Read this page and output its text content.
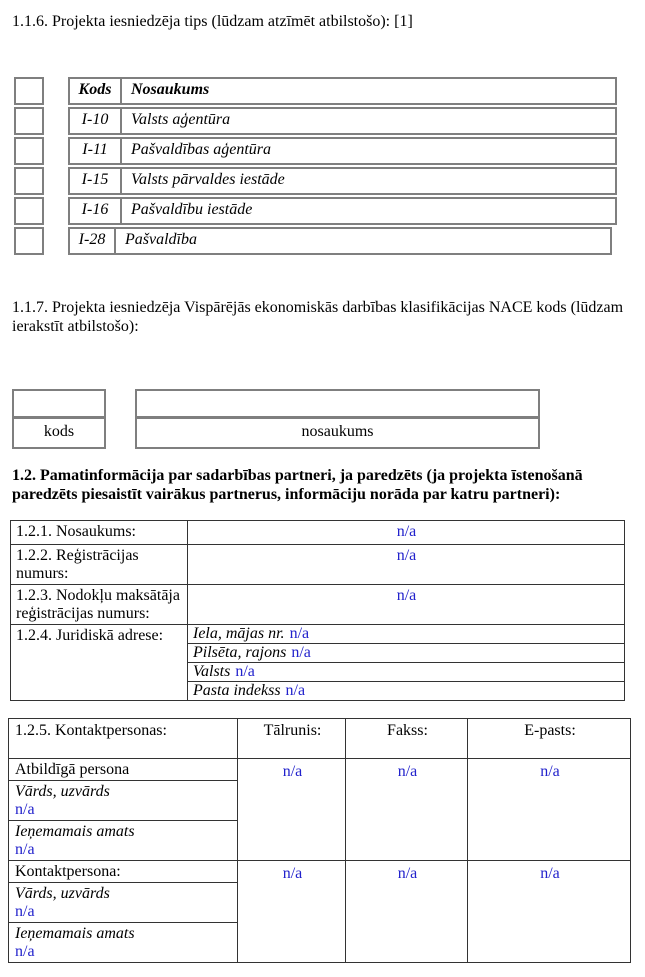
1.1.6. Projekta iesniedzēja tips (lūdzam atzīmēt atbilstošo): [1]

Kods	Nosaukums
I-10	Valsts aģentūra
I-11	Pašvaldības aģentūra
I-15	Valsts pārvaldes iestāde
I-16	Pašvaldību iestāde
I-28	Pašvaldība

1.1.7. Projekta iesniedzēja Vispārējās ekonomiskās darbības klasifikācijas NACE kods (lūdzam ierakstīt atbilstošo):

kods	nosaukums

1.2. Pamatinformācija par sadarbības partneri, ja paredzēts (ja projekta īstenošanā paredzēts piesaistīt vairākus partnerus, informāciju norāda par katru partneri):

1.2.1. Nosaukums:	n/a
1.2.2. Reģistrācijas numurs:	n/a
1.2.3. Nodokļu maksātāja reģistrācijas numurs:	n/a
1.2.4. Juridiskā adrese:	Iela, mājas nr. n/a
	Pilsēta, rajons n/a
	Valsts n/a
	Pasta indekss n/a
1.2.5. Kontaktpersonas:	Tālrunis:	Fakss:	E-pasts:
Atbildīgā persona	n/a	n/a	n/a

Vārds, uzvārds
n/a			

Ieņemamais amats
n/a			

Kontaktpersona:	n/a	n/a	n/a

Vārds, uzvārds
n/a			

Ieņemamais amats
n/a			
